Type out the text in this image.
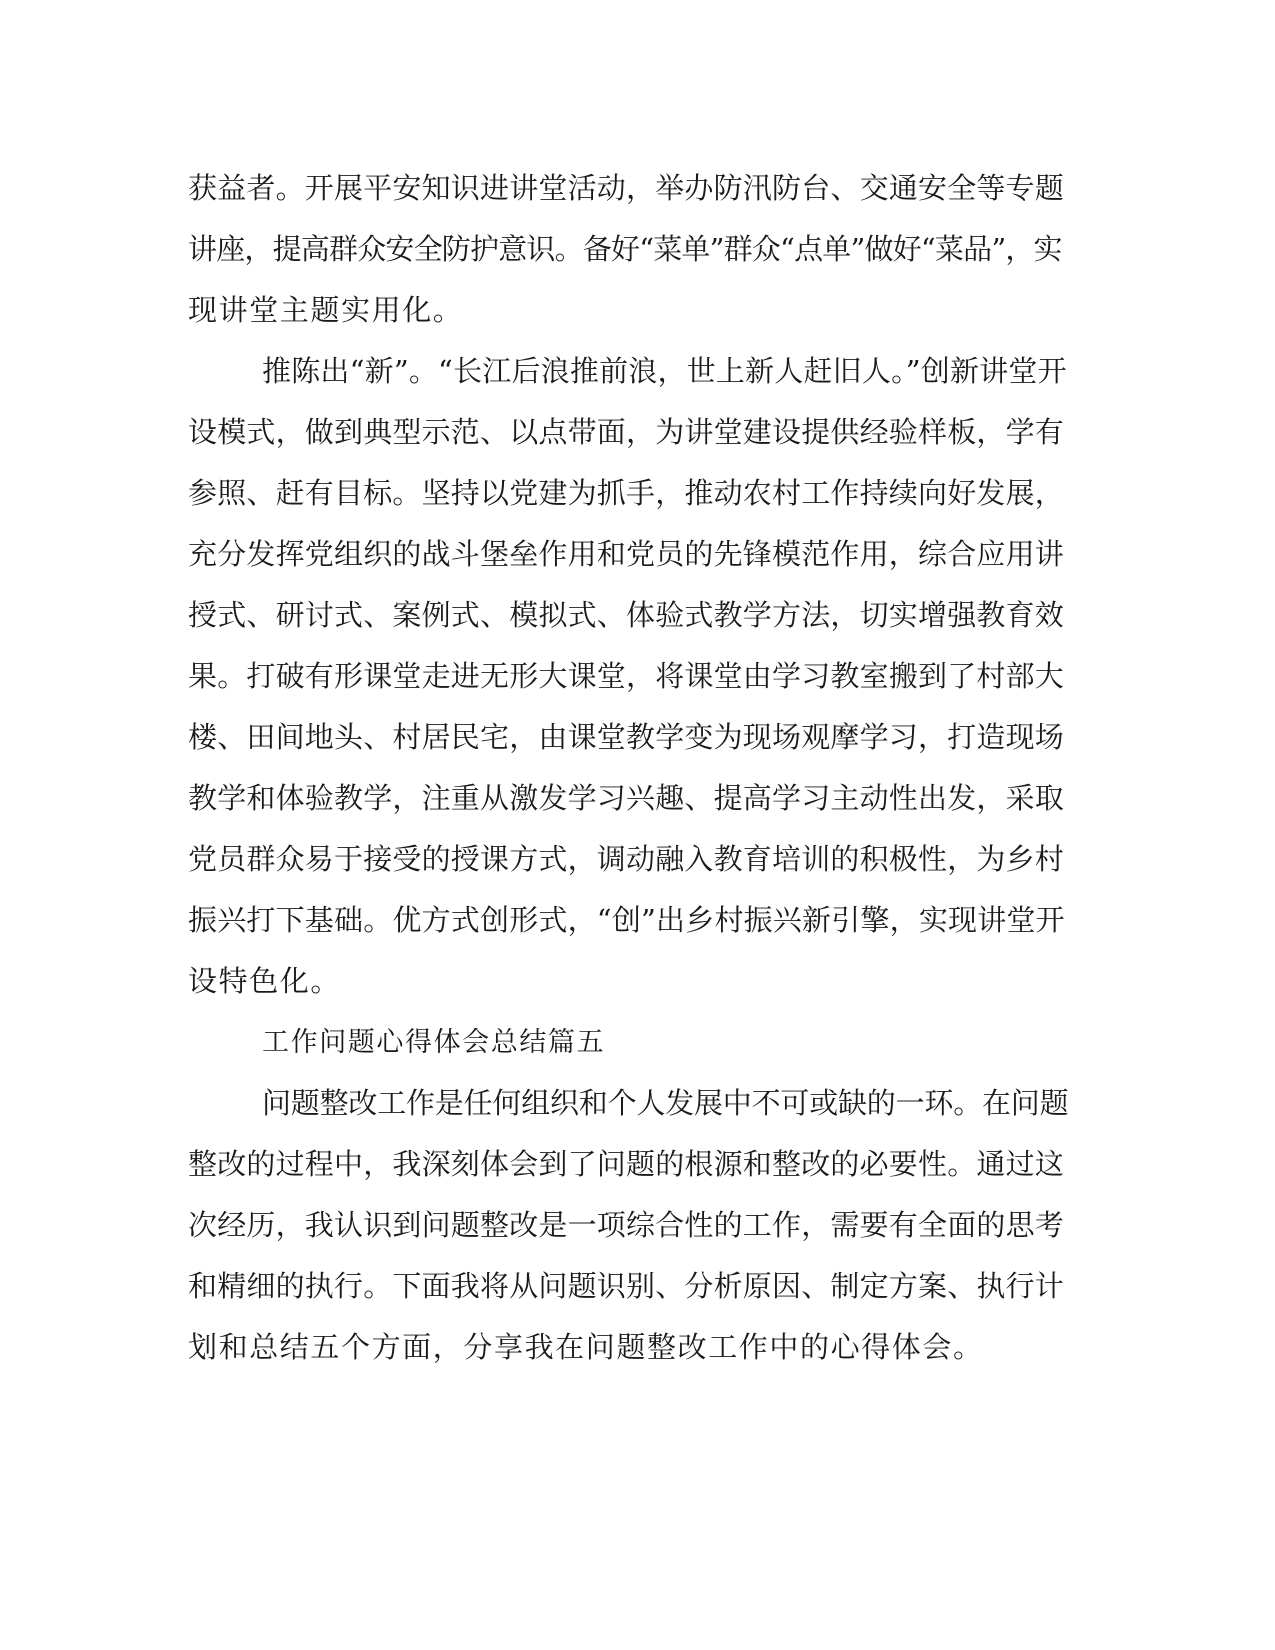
获益者。开展平安知识进讲堂活动，举办防汛防台、交通安全等专题
讲座，提高群众安全防护意识。备好“菜单”群众“点单”做好“菜品”，实
现讲堂主题实用化。
推陈出“新”。“长江后浪推前浪，世上新人赶旧人。”创新讲堂开
设模式，做到典型示范、以点带面，为讲堂建设提供经验样板，学有
参照、赶有目标。坚持以党建为抓手，推动农村工作持续向好发展，
充分发挥党组织的战斗堡垒作用和党员的先锋模范作用，综合应用讲
授式、研讨式、案例式、模拟式、体验式教学方法，切实增强教育效
果。打破有形课堂走进无形大课堂，将课堂由学习教室搬到了村部大
楼、田间地头、村居民宅，由课堂教学变为现场观摩学习，打造现场
教学和体验教学，注重从激发学习兴趣、提高学习主动性出发，采取
党员群众易于接受的授课方式，调动融入教育培训的积极性，为乡村
振兴打下基础。优方式创形式，“创”出乡村振兴新引擎，实现讲堂开
设特色化。
工作问题心得体会总结篇五
问题整改工作是任何组织和个人发展中不可或缺的一环。在问题
整改的过程中，我深刻体会到了问题的根源和整改的必要性。通过这
次经历，我认识到问题整改是一项综合性的工作，需要有全面的思考
和精细的执行。下面我将从问题识别、分析原因、制定方案、执行计
划和总结五个方面，分享我在问题整改工作中的心得体会。
